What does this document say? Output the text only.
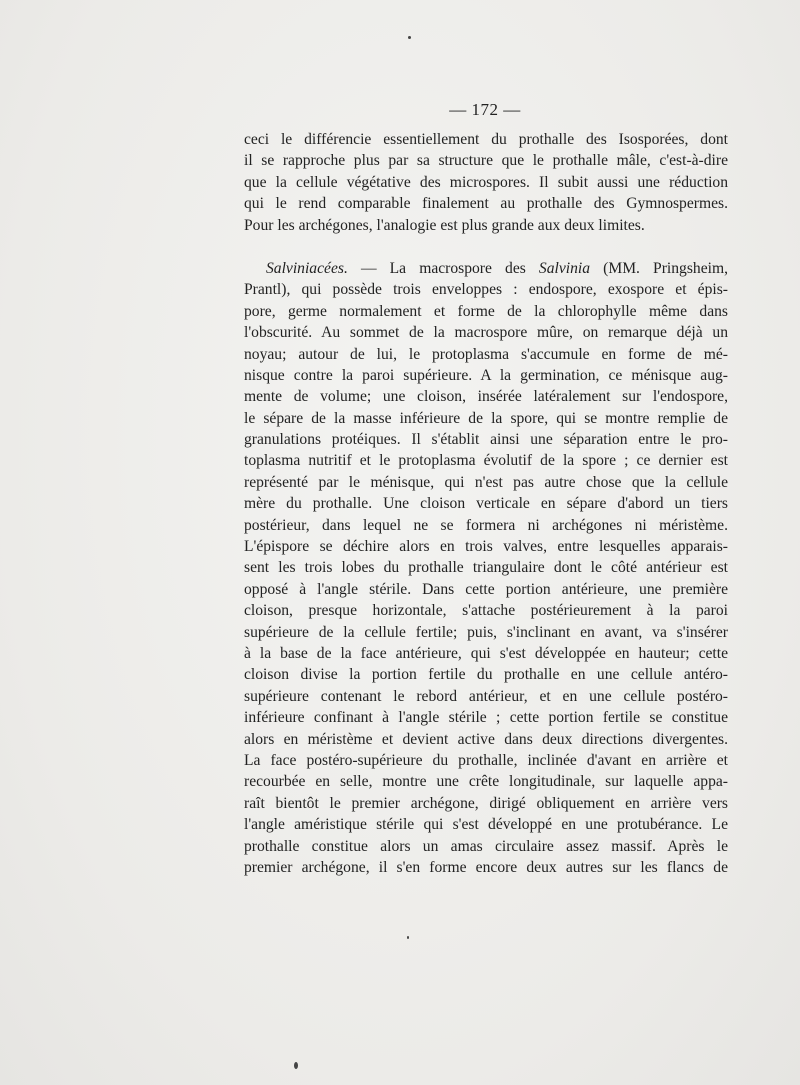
— 172 —
ceci le différencie essentiellement du prothalle des Isosporées, dont
il se rapproche plus par sa structure que le prothalle mâle, c'est-à-dire
que la cellule végétative des microspores. Il subit aussi une réduction
qui le rend comparable finalement au prothalle des Gymnospermes.
Pour les archégones, l'analogie est plus grande aux deux limites.
Salviniacées. — La macrospore des Salvinia (MM. Pringsheim,
Prantl), qui possède trois enveloppes : endospore, exospore et épis-
pore, germe normalement et forme de la chlorophylle même dans
l'obscurité. Au sommet de la macrospore mûre, on remarque déjà un
noyau; autour de lui, le protoplasma s'accumule en forme de mé-
nisque contre la paroi supérieure. A la germination, ce ménisque aug-
mente de volume; une cloison, insérée latéralement sur l'endospore,
le sépare de la masse inférieure de la spore, qui se montre remplie de
granulations protéiques. Il s'établit ainsi une séparation entre le pro-
toplasma nutritif et le protoplasma évolutif de la spore ; ce dernier est
représenté par le ménisque, qui n'est pas autre chose que la cellule
mère du prothalle. Une cloison verticale en sépare d'abord un tiers
postérieur, dans lequel ne se formera ni archégones ni méristème.
L'épispore se déchire alors en trois valves, entre lesquelles apparais-
sent les trois lobes du prothalle triangulaire dont le côté antérieur est
opposé à l'angle stérile. Dans cette portion antérieure, une première
cloison, presque horizontale, s'attache postérieurement à la paroi
supérieure de la cellule fertile; puis, s'inclinant en avant, va s'insérer
à la base de la face antérieure, qui s'est développée en hauteur; cette
cloison divise la portion fertile du prothalle en une cellule antéro-
supérieure contenant le rebord antérieur, et en une cellule postéro-
inférieure confinant à l'angle stérile ; cette portion fertile se constitue
alors en méristème et devient active dans deux directions divergentes.
La face postéro-supérieure du prothalle, inclinée d'avant en arrière et
recourbée en selle, montre une crête longitudinale, sur laquelle appa-
raît bientôt le premier archégone, dirigé obliquement en arrière vers
l'angle améristique stérile qui s'est développé en une protubérance. Le
prothalle constitue alors un amas circulaire assez massif. Après le
premier archégone, il s'en forme encore deux autres sur les flancs de
